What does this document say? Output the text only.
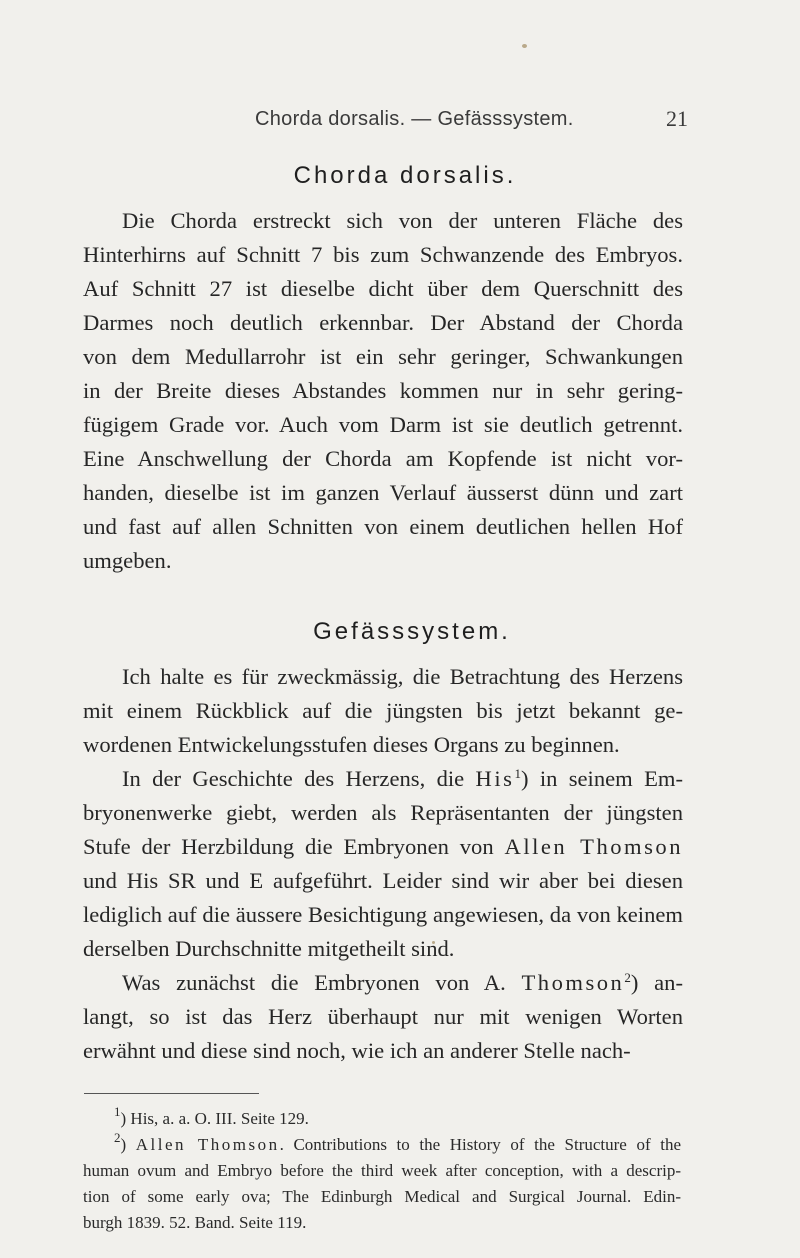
Chorda dorsalis. — Gefässsystem.	21
Chorda dorsalis.
Die Chorda erstreckt sich von der unteren Fläche des
Hinterhirns auf Schnitt 7 bis zum Schwanzende des Embryos.
Auf Schnitt 27 ist dieselbe dicht über dem Querschnitt des
Darmes noch deutlich erkennbar. Der Abstand der Chorda
von dem Medullarrohr ist ein sehr geringer, Schwankungen
in der Breite dieses Abstandes kommen nur in sehr gering-
fügigem Grade vor. Auch vom Darm ist sie deutlich getrennt.
Eine Anschwellung der Chorda am Kopfende ist nicht vor-
handen, dieselbe ist im ganzen Verlauf äusserst dünn und zart
und fast auf allen Schnitten von einem deutlichen hellen Hof
umgeben.
Gefässsystem.
Ich halte es für zweckmässig, die Betrachtung des Herzens
mit einem Rückblick auf die jüngsten bis jetzt bekannt ge-
wordenen Entwickelungsstufen dieses Organs zu beginnen.
In der Geschichte des Herzens, die His$^1$) in seinem Em-
bryonenwerke giebt, werden als Repräsentanten der jüngsten
Stufe der Herzbildung die Embryonen von Allen Thomson
und His SR und E aufgeführt. Leider sind wir aber bei diesen
lediglich auf die äussere Besichtigung angewiesen, da von keinem
derselben Durchschnitte mitgetheilt sind.
Was zunächst die Embryonen von A. Thomson$^2$) an-
langt, so ist das Herz überhaupt nur mit wenigen Worten
erwähnt und diese sind noch, wie ich an anderer Stelle nach-
$^1$) His, a. a. O. III. Seite 129.
$^2$) Allen Thomson. Contributions to the History of the Structure of the
human ovum and Embryo before the third week after conception, with a descrip-
tion of some early ova; The Edinburgh Medical and Surgical Journal. Edin-
burgh 1839. 52. Band. Seite 119.
